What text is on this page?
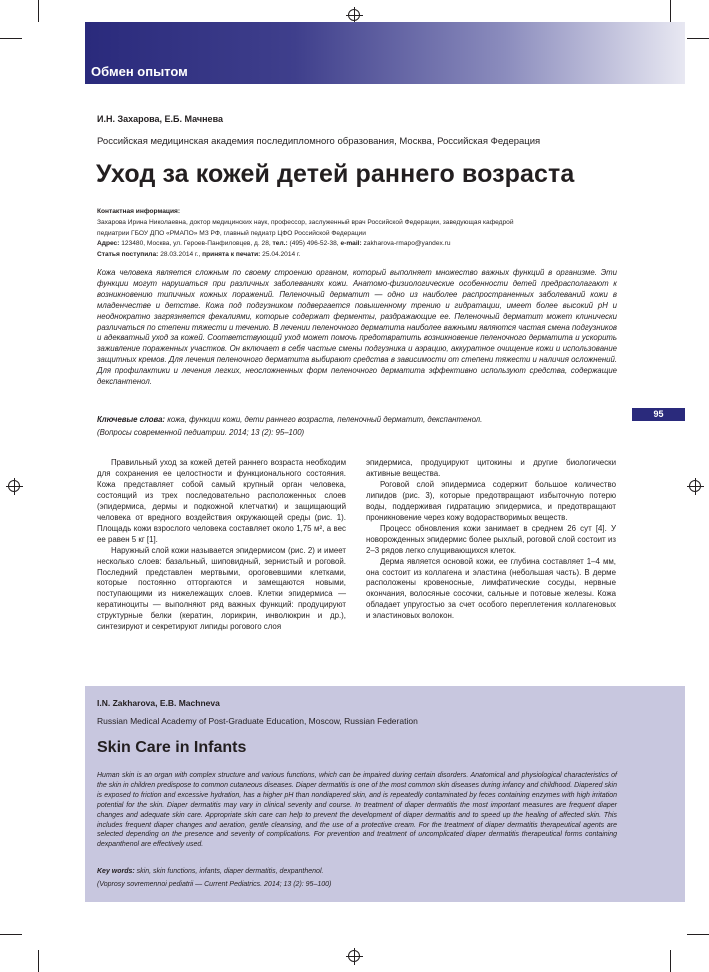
Обмен опытом
И.Н. Захарова, Е.Б. Мачнева
Российская медицинская академия последипломного образования, Москва, Российская Федерация
Уход за кожей детей раннего возраста
Контактная информация:
Захарова Ирина Николаевна, доктор медицинских наук, профессор, заслуженный врач Российской Федерации, заведующая кафедрой
педиатрии ГБОУ ДПО «РМАПО» МЗ РФ, главный педиатр ЦФО Российской Федерации
Адрес: 123480, Москва, ул. Героев-Панфиловцев, д. 28, тел.: (495) 496-52-38, e-mail: zakharova-rmapo@yandex.ru
Статья поступила: 28.03.2014 г., принята к печати: 25.04.2014 г.
Кожа человека является сложным по своему строению органом, который выполняет множество важных функций в организме. Эти функции могут нарушаться при различных заболеваниях кожи. Анатомо-физиологические особенности детей предрасполагают к возникновению типичных кожных поражений. Пеленочный дерматит — одно из наиболее распространенных заболеваний кожи в младенчестве и детстве. Кожа под подгузником подвергается повышенному трению и гидратации, имеет более высокий pH и неоднократно загрязняется фекалиями, которые содержат ферменты, раздражающие ее. Пеленочный дерматит может клинически различаться по степени тяжести и течению. В лечении пеленочного дерматита наиболее важными являются частая смена подгузников и адекватный уход за кожей. Соответствующий уход может помочь предотвратить возникновение пеленочного дерматита и ускорить заживление пораженных участков. Он включает в себя частые смены подгузника и аэрацию, аккуратное очищение кожи и использование защитных кремов. Для лечения пеленочного дерматита выбирают средства в зависимости от степени тяжести и наличия осложнений. Для профилактики и лечения легких, неосложненных форм пеленочного дерматита эффективно используют средства, содержащие декспантенол.
Ключевые слова: кожа, функции кожи, дети раннего возраста, пеленочный дерматит, декспантенол.
(Вопросы современной педиатрии. 2014; 13 (2): 95–100)
95

Правильный уход за кожей детей раннего возраста необходим для сохранения ее целостности и функционального состояния. Кожа представляет собой самый крупный орган человека, состоящий из трех последовательно расположенных слоев (эпидермиса, дермы и подкожной клетчатки) и защищающий человека от вредного воздействия окружающей среды (рис. 1). Площадь кожи взрослого человека составляет около 1,75 м², а вес ее равен 5 кг [1].

Наружный слой кожи называется эпидермисом (рис. 2) и имеет несколько слоев: базальный, шиповидный, зернистый и роговой. Последний представлен мертвыми, ороговевшими клетками, которые постоянно отторгаются и замещаются новыми, поступающими из нижележащих слоев. Клетки эпидермиса — кератиноциты — выполняют ряд важных функций: продуцируют структурные белки (кератин, лорикрин, инволюкрин и др.), синтезируют и секретируют липиды рогового слоя

эпидермиса, продуцируют цитокины и другие биологически активные вещества.

Роговой слой эпидермиса содержит большое количество липидов (рис. 3), которые предотвращают избыточную потерю воды, поддерживая гидратацию эпидермиса, и предотвращают проникновение через кожу водорастворимых веществ.

Процесс обновления кожи занимает в среднем 26 сут [4]. У новорожденных эпидермис более рыхлый, роговой слой состоит из 2–3 рядов легко слущивающихся клеток.

Дерма является основой кожи, ее глубина составляет 1–4 мм, она состоит из коллагена и эластина (небольшая часть). В дерме расположены кровеносные, лимфатические сосуды, нервные окончания, волосяные сосочки, сальные и потовые железы. Кожа обладает упругостью за счет особого переплетения коллагеновых и эластиновых волокон.

I.N. Zakharova, E.B. Machneva
Russian Medical Academy of Post-Graduate Education, Moscow, Russian Federation
Skin Care in Infants
Human skin is an organ with complex structure and various functions, which can be impaired during certain disorders. Anatomical and physiological characteristics of the skin in children predispose to common cutaneous diseases. Diaper dermatitis is one of the most common skin diseases during infancy and childhood. Diapered skin is exposed to friction and excessive hydration, has a higher pH than nondiapered skin, and is repeatedly contaminated by feces containing enzymes with high irritation potential for the skin. Diaper dermatitis may vary in clinical severity and course. In treatment of diaper dermatitis the most important measures are frequent diaper changes and adequate skin care. Appropriate skin care can help to prevent the development of diaper dermatitis and to speed up the healing of affected skin. This includes frequent diaper changes and aeration, gentle cleansing, and the use of a protective cream. For the treatment of diaper dermatitis therapeutical agents are selected depending on the presence and severity of complications. For prevention and treatment of uncomplicated diaper dermatitis therapeutical forms containing dexpanthenol are effectively used.
Key words: skin, skin functions, infants, diaper dermatitis, dexpanthenol.
(Voprosy sovremennoi pediatrii — Current Pediatrics. 2014; 13 (2): 95–100)
